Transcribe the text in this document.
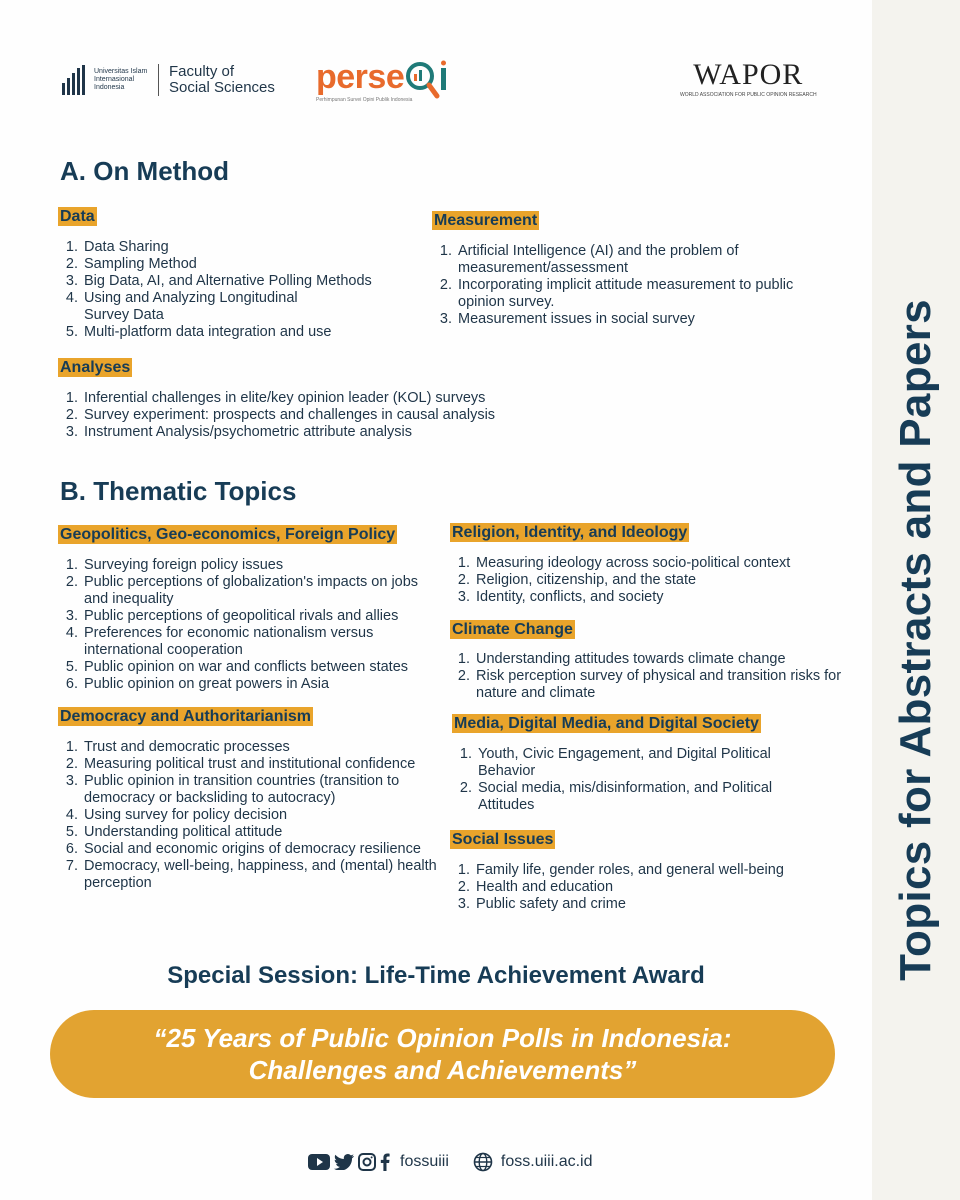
Universitas Islam Internasional Indonesia
Faculty of Social Sciences perse
Perhimpunan Survei Opini Publik Indonesia
WAPOR
WORLD ASSOCIATION FOR PUBLIC OPINION RESEARCH
A. On Method
Data
1. Data Sharing
2. Sampling Method
3. Big Data, AI, and Alternative Polling Methods
4. Using and Analyzing Longitudinal Survey Data
5. Multi-platform data integration and use
Measurement
1. Artificial Intelligence (AI) and the problem of measurement/assessment
2. Incorporating implicit attitude measurement to public opinion survey.
3. Measurement issues in social survey
Analyses
1. Inferential challenges in elite/key opinion leader (KOL) surveys
2. Survey experiment: prospects and challenges in causal analysis
3. Instrument Analysis/psychometric attribute analysis
B. Thematic Topics
Geopolitics, Geo-economics, Foreign Policy
1. Surveying foreign policy issues
2. Public perceptions of globalization's impacts on jobs and inequality
3. Public perceptions of geopolitical rivals and allies
4. Preferences for economic nationalism versus international cooperation
5. Public opinion on war and conflicts between states
6. Public opinion on great powers in Asia
Democracy and Authoritarianism
1. Trust and democratic processes
2. Measuring political trust and institutional confidence
3. Public opinion in transition countries (transition to democracy or backsliding to autocracy)
4. Using survey for policy decision
5. Understanding political attitude
6. Social and economic origins of democracy resilience
7. Democracy, well-being, happiness, and (mental) health perception
Religion, Identity, and Ideology
1. Measuring ideology across socio-political context
2. Religion, citizenship, and the state
3. Identity, conflicts, and society
Climate Change
1. Understanding attitudes towards climate change
2. Risk perception survey of physical and transition risks for nature and climate
Media, Digital Media, and Digital Society
1. Youth, Civic Engagement, and Digital Political Behavior
2. Social media, mis/disinformation, and Political Attitudes
Social Issues
1. Family life, gender roles, and general well-being
2. Health and education
3. Public safety and crime
Special Session: Life-Time Achievement Award
“25 Years of Public Opinion Polls in Indonesia:
Challenges and Achievements”
fossuiii	foss.uiii.ac.id
Topics for Abstracts and Papers
